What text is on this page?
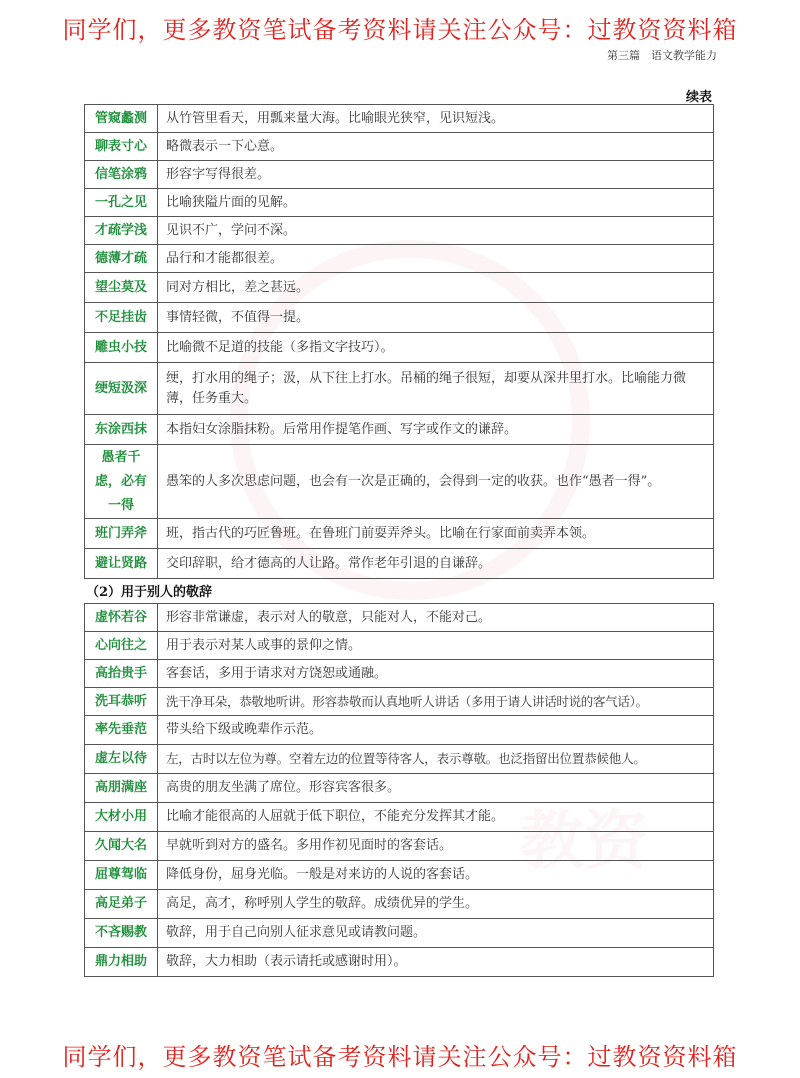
教资
同学们，更多教资笔试备考资料请关注公众号：过教资资料箱
第三篇　语文教学能力
续表
管窥蠡测	从竹管里看天，用瓢来量大海。比喻眼光狭窄，见识短浅。
聊表寸心	略微表示一下心意。
信笔涂鸦	形容字写得很差。
一孔之见	比喻狭隘片面的见解。
才疏学浅	见识不广，学问不深。
德薄才疏	品行和才能都很差。
望尘莫及	同对方相比，差之甚远。
不足挂齿	事情轻微，不值得一提。
雕虫小技	比喻微不足道的技能（多指文字技巧）。
绠短汲深	绠，打水用的绳子；汲，从下往上打水。吊桶的绳子很短，却要从深井里打水。比喻能力微薄，任务重大。
东涂西抹	本指妇女涂脂抹粉。后常用作提笔作画、写字或作文的谦辞。
愚者千虑，必有一得	愚笨的人多次思虑问题，也会有一次是正确的，会得到一定的收获。也作“愚者一得”。
班门弄斧	班，指古代的巧匠鲁班。在鲁班门前耍弄斧头。比喻在行家面前卖弄本领。
避让贤路	交印辞职，给才德高的人让路。常作老年引退的自谦辞。
（2）用于别人的敬辞
虚怀若谷	形容非常谦虚，表示对人的敬意，只能对人，不能对己。
心向往之	用于表示对某人或事的景仰之情。
高抬贵手	客套话，多用于请求对方饶恕或通融。
洗耳恭听	洗干净耳朵，恭敬地听讲。形容恭敬而认真地听人讲话（多用于请人讲话时说的客气话）。
率先垂范	带头给下级或晚辈作示范。
虚左以待	左，古时以左位为尊。空着左边的位置等待客人，表示尊敬。也泛指留出位置恭候他人。
高朋满座	高贵的朋友坐满了席位。形容宾客很多。
大材小用	比喻才能很高的人屈就于低下职位，不能充分发挥其才能。
久闻大名	早就听到对方的盛名。多用作初见面时的客套话。
屈尊驾临	降低身份，屈身光临。一般是对来访的人说的客套话。
高足弟子	高足，高才，称呼别人学生的敬辞。成绩优异的学生。
不吝赐教	敬辞，用于自己向别人征求意见或请教问题。
鼎力相助	敬辞，大力相助（表示请托或感谢时用）。
同学们，更多教资笔试备考资料请关注公众号：过教资资料箱
